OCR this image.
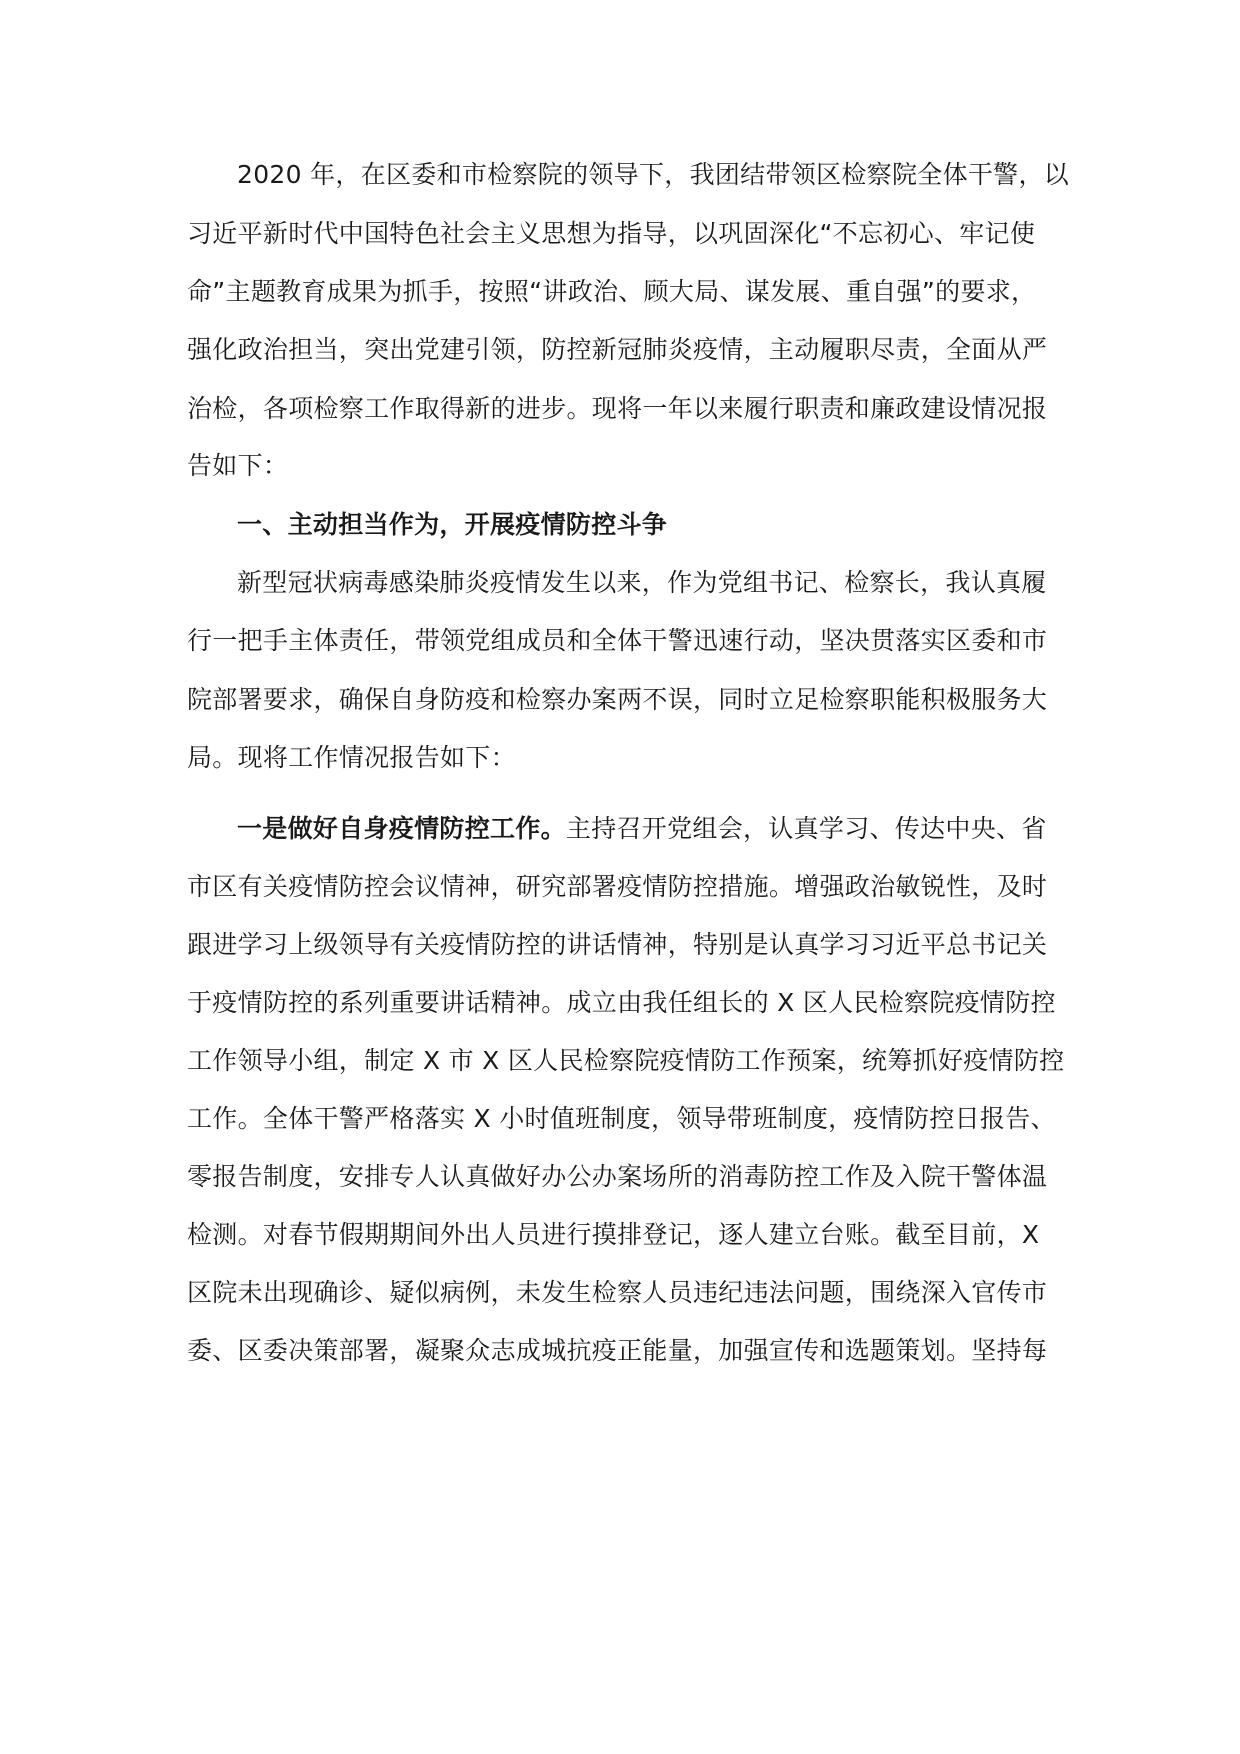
2020 年，在区委和市检察院的领导下，我团结带领区检察院全体干警，以
习近平新时代中国特色社会主义思想为指导，以巩固深化“不忘初心、牢记使
命”主题教育成果为抓手，按照“讲政治、顾大局、谋发展、重自强”的要求，
强化政治担当，突出党建引领，防控新冠肺炎疫情，主动履职尽责，全面从严
治检，各项检察工作取得新的进步。现将一年以来履行职责和廉政建设情况报
告如下：
一、主动担当作为，开展疫情防控斗争
新型冠状病毒感染肺炎疫情发生以来，作为党组书记、检察长，我认真履
行一把手主体责任，带领党组成员和全体干警迅速行动，坚决贯落实区委和市
院部署要求，确保自身防疫和检察办案两不误，同时立足检察职能积极服务大
局。现将工作情况报告如下：
一是做好自身疫情防控工作。主持召开党组会，认真学习、传达中央、省
市区有关疫情防控会议情神，研究部署疫情防控措施。增强政治敏锐性，及时
跟进学习上级领导有关疫情防控的讲话情神，特别是认真学习习近平总书记关
于疫情防控的系列重要讲话精神。成立由我任组长的 X 区人民检察院疫情防控
工作领导小组，制定 X 市 X 区人民检察院疫情防工作预案，统筹抓好疫情防控
工作。全体干警严格落实 X 小时值班制度，领导带班制度，疫情防控日报告、
零报告制度，安排专人认真做好办公办案场所的消毒防控工作及入院干警体温
检测。对春节假期期间外出人员进行摸排登记，逐人建立台账。截至目前，X
区院未出现确诊、疑似病例，未发生检察人员违纪违法问题，围绕深入官传市
委、区委决策部署，凝聚众志成城抗疫正能量，加强宣传和选题策划。坚持每
